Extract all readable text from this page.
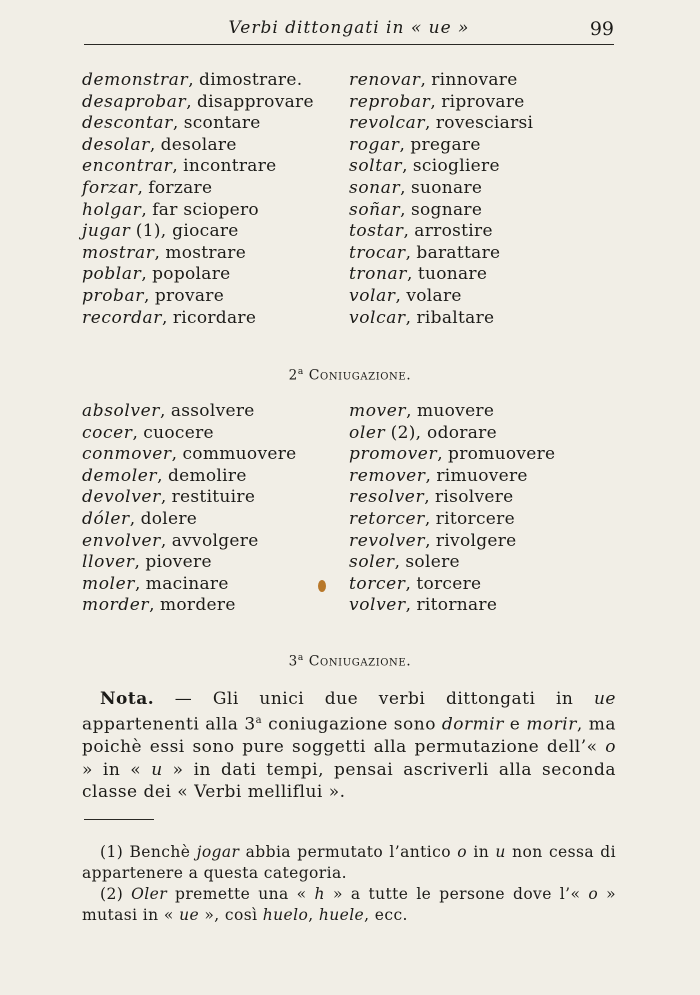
Verbi dittongati in « ue »	99
demonstrar, dimostrare.
desaprobar, disapprovare
descontar, scontare
desolar, desolare
encontrar, incontrare
forzar, forzare
holgar, far sciopero
jugar (1), giocare
mostrar, mostrare
poblar, popolare
probar, provare
recordar, ricordare
renovar, rinnovare
reprobar, riprovare
revolcar, rovesciarsi
rogar, pregare
soltar, sciogliere
sonar, suonare
soñar, sognare
tostar, arrostire
trocar, barattare
tronar, tuonare
volar, volare
volcar, ribaltare
2$^a$ Coniugazione.
absolver, assolvere
cocer, cuocere
conmover, commuovere
demoler, demolire
devolver, restituire
dóler, dolere
envolver, avvolgere
llover, piovere
moler, macinare
morder, mordere
mover, muovere
oler (2), odorare
promover, promuovere
remover, rimuovere
resolver, risolvere
retorcer, ritorcere
revolver, rivolgere
soler, solere
torcer, torcere
volver, ritornare
3$^a$ Coniugazione.
Nota. — Gli unici due verbi dittongati in ue appartenenti alla 3$^a$ coniugazione sono dormir e morir, ma poichè essi sono pure soggetti alla permutazione dell’« o » in « u » in dati tempi, pensai ascriverli alla seconda classe dei « Verbi melliflui ».
(1) Benchè jogar abbia permutato l’antico o in u non cessa di appartenere a questa categoria.
(2) Oler premette una « h » a tutte le persone dove l’« o » mutasi in « ue », così huelo, huele, ecc.
